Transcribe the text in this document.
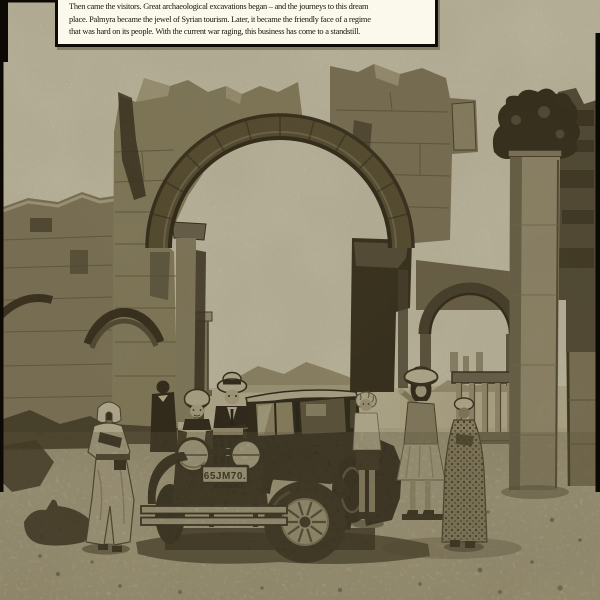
65JM70.
Then came the visitors. Great archaeological excavations began – and the journeys to this dream
place. Palmyra became the jewel of Syrian tourism. Later, it became the friendly face of a regime
that was hard on its people. With the current war raging, this business has come to a standstill.
